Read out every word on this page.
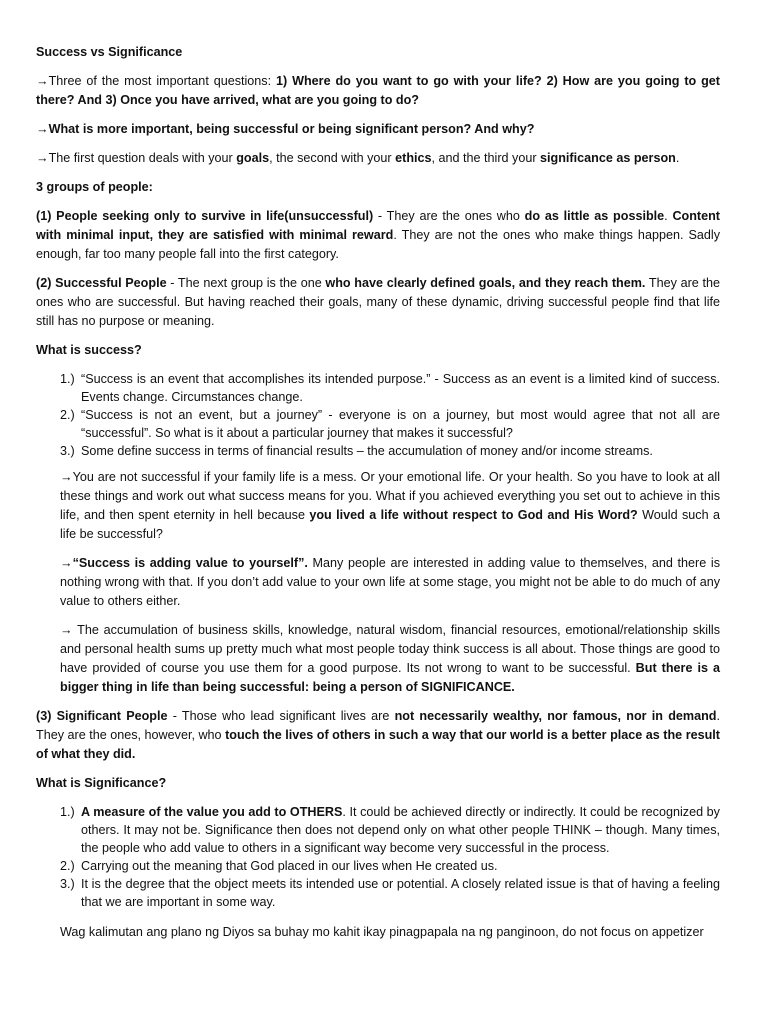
Success vs Significance

→Three of the most important questions: 1) Where do you want to go with your life? 2) How are you going to get there? And 3) Once you have arrived, what are you going to do?

→What is more important, being successful or being significant person? And why?

→The first question deals with your goals, the second with your ethics, and the third your significance as person.

3 groups of people:

(1) People seeking only to survive in life(unsuccessful) - They are the ones who do as little as possible. Content with minimal input, they are satisfied with minimal reward. They are not the ones who make things happen. Sadly enough, far too many people fall into the first category.

(2) Successful People - The next group is the one who have clearly defined goals, and they reach them. They are the ones who are successful. But having reached their goals, many of these dynamic, driving successful people find that life still has no purpose or meaning.

What is success?

1.) “Success is an event that accomplishes its intended purpose.” - Success as an event is a limited kind of success. Events change. Circumstances change.
2.) “Success is not an event, but a journey” - everyone is on a journey, but most would agree that not all are “successful”. So what is it about a particular journey that makes it successful?
3.) Some define success in terms of financial results – the accumulation of money and/or income streams.

→You are not successful if your family life is a mess. Or your emotional life. Or your health. So you have to look at all these things and work out what success means for you. What if you achieved everything you set out to achieve in this life, and then spent eternity in hell because you lived a life without respect to God and His Word? Would such a life be successful?

→“Success is adding value to yourself”. Many people are interested in adding value to themselves, and there is nothing wrong with that. If you don’t add value to your own life at some stage, you might not be able to do much of any value to others either.

→ The accumulation of business skills, knowledge, natural wisdom, financial resources, emotional/relationship skills and personal health sums up pretty much what most people today think success is all about. Those things are good to have provided of course you use them for a good purpose. Its not wrong to want to be successful. But there is a bigger thing in life than being successful: being a person of SIGNIFICANCE.

(3) Significant People - Those who lead significant lives are not necessarily wealthy, nor famous, nor in demand. They are the ones, however, who touch the lives of others in such a way that our world is a better place as the result of what they did.

What is Significance?

1.) A measure of the value you add to OTHERS. It could be achieved directly or indirectly. It could be recognized by others. It may not be. Significance then does not depend only on what other people THINK – though. Many times, the people who add value to others in a significant way become very successful in the process.
2.) Carrying out the meaning that God placed in our lives when He created us.
3.) It is the degree that the object meets its intended use or potential. A closely related issue is that of having a feeling that we are important in some way.

Wag kalimutan ang plano ng Diyos sa buhay mo kahit ikay pinagpapala na ng panginoon, do not focus on appetizer
